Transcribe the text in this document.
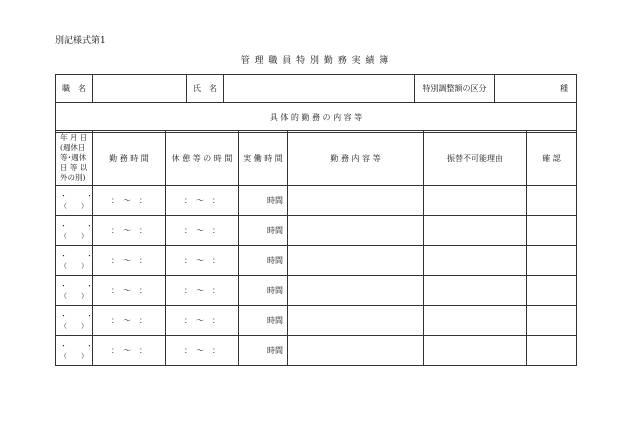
別記様式第1
管 理 職 員 特 別 勤 務 実 績 簿
職　名		氏　名		特別調整額の区分	種
具 体 的 勤 務 の 内 容 等
年 月 日
(週休日
等･週休
日 等 以
外の別)	勤 務 時 間	休 憩 等 の 時 間	実 働 時 間	勤 務 内 容 等	振替不可能理由	確 認
・　・
（　　）	：　～　：	：　～　：	時間			
・　・
（　　）	：　～　：	：　～　：	時間			
・　・
（　　）	：　～　：	：　～　：	時間			
・　・
（　　）	：　～　：	：　～　：	時間			
・　・
（　　）	：　～　：	：　～　：	時間			
・　・
（　　）	：　～　：	：　～　：	時間			
